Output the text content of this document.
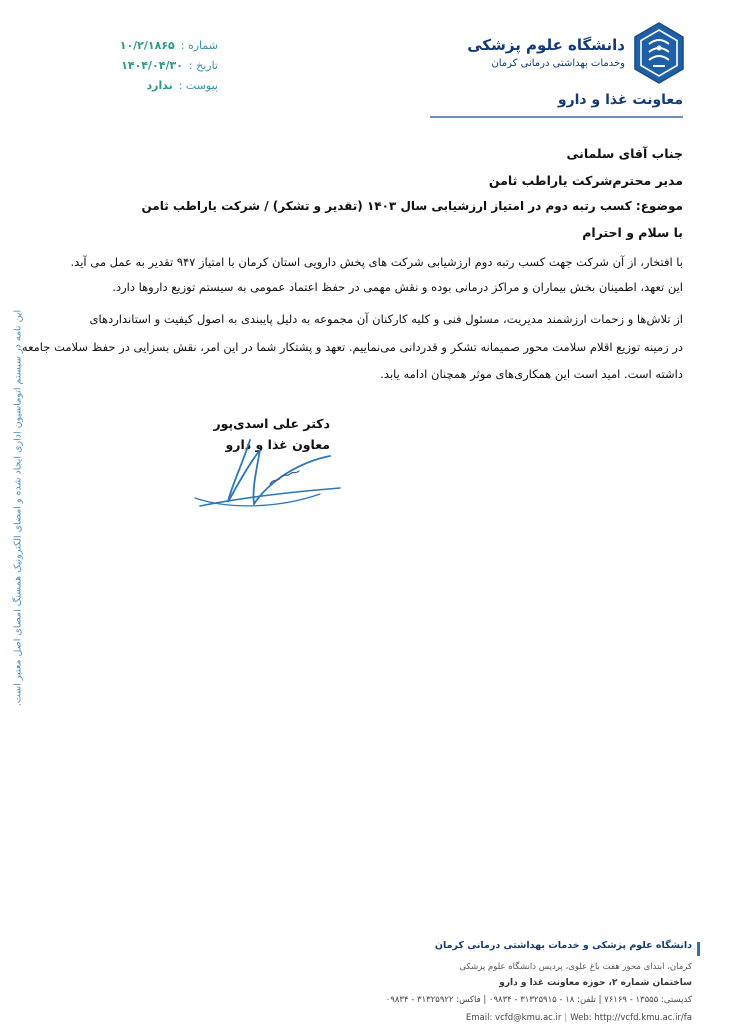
دانشگاه علوم پزشکی
وخدمات بهداشتی درمانی کرمان
معاونت غذا و دارو
شماره :۱۰/۲/۱۸۶۵
تاریخ :۱۴۰۴/۰۴/۳۰
پیوست :ندارد
جناب آقای سلمانی
مدیر محترم‌شرکت یاراطب ثامن
موضوع: کسب رتبه دوم در امتیاز ارزشیابی سال ۱۴۰۳ (تقدیر و تشکر) / شرکت یاراطب ثامن
با سلام و احترام
با افتخار، از آن شرکت جهت کسب رتبه دوم ارزشیابی شرکت های پخش دارویی استان کرمان با امتیاز ۹۴۷ تقدیر به عمل می آید.
این تعهد، اطمینان بخش بیماران و مراکز درمانی بوده و نقش مهمی در حفظ اعتماد عمومی به سیستم توزیع داروها دارد.
از تلاش‌ها و زحمات ارزشمند مدیریت، مسئول فنی و کلیه کارکنان آن مجموعه به دلیل پایبندی به اصول کیفیت و استانداردهای
در زمینه توزیع اقلام سلامت محور صمیمانه تشکر و قدردانی می‌نماییم. تعهد و پشتکار شما در این امر، نقش بسزایی در حفظ سلامت جامعه
داشته است. امید است این همکاری‌های موثر همچنان ادامه یابد.
دکتر علی اسدی‌پور
معاون غذا و دارو
این نامه در سیستم اتوماسیون اداری ایجاد شده و امضای الکترونیک همسنگ امضای اصل معتبر است.
دانشگاه علوم پزشکی و خدمات بهداشتی درمانی کرمان
کرمان، ابتدای محور هفت باغ علوی، پردیس دانشگاه علوم پزشکی
ساختمان شماره ۲، حوزه معاونت غذا و دارو
کدپستی: ۱۳۵۵۵ - ۷۶۱۶۹ | تلفن: ۱۸ - ۳۱۳۲۵۹۱۵ - ۰۹۸۳۴ | فاکس: ۳۱۳۲۵۹۲۲ - ۰۹۸۳۴
Email: vcfd@kmu.ac.ir | Web: http://vcfd.kmu.ac.ir/fa
